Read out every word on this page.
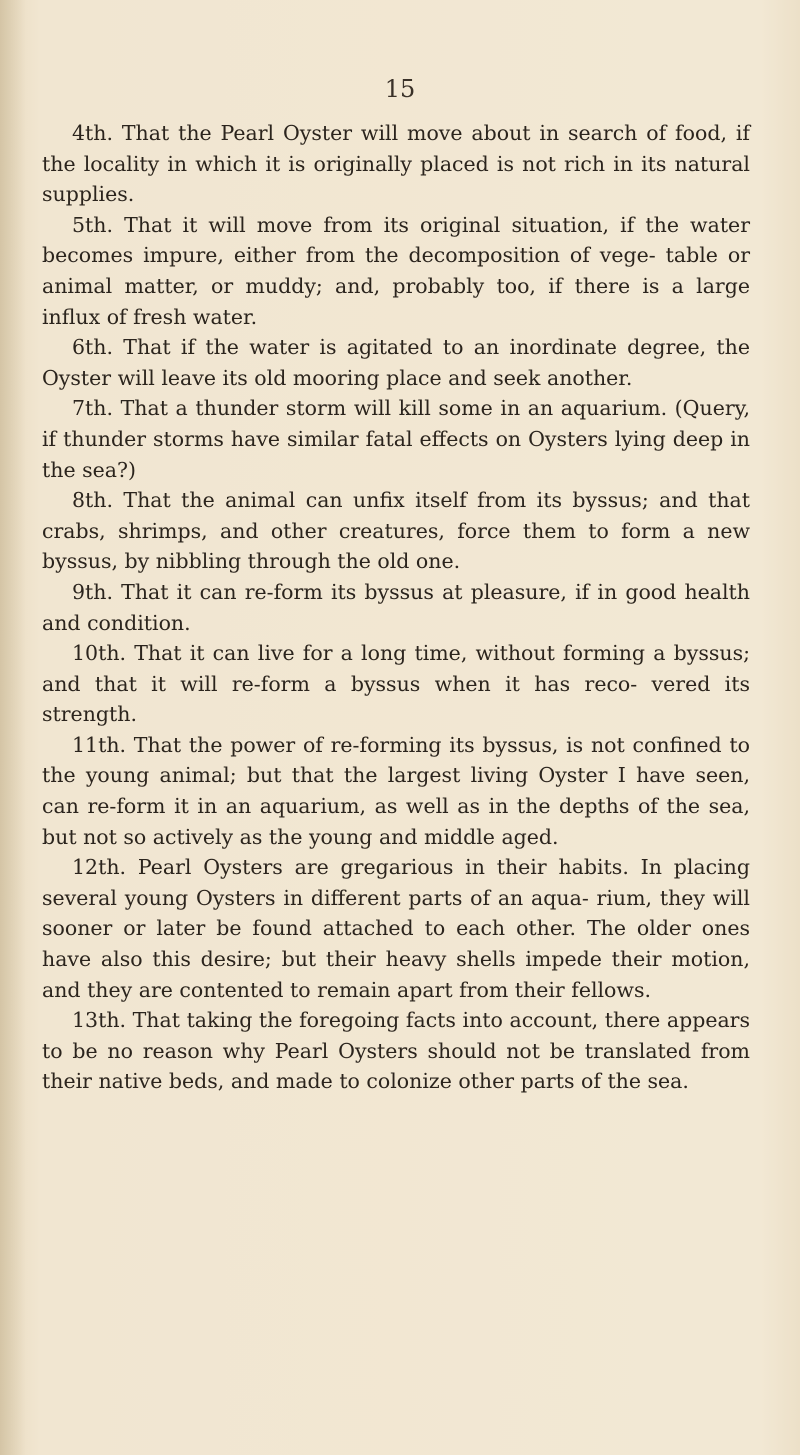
15

4th. That the Pearl Oyster will move about in search of food, if the locality in which it is originally placed is not rich in its natural supplies.

5th. That it will move from its original situation, if the water becomes impure, either from the decomposition of vege- table or animal matter, or muddy; and, probably too, if there is a large influx of fresh water.

6th. That if the water is agitated to an inordinate degree, the Oyster will leave its old mooring place and seek another.

7th. That a thunder storm will kill some in an aquarium. (Query, if thunder storms have similar fatal effects on Oysters lying deep in the sea?)

8th. That the animal can unfix itself from its byssus; and that crabs, shrimps, and other creatures, force them to form a new byssus, by nibbling through the old one.

9th. That it can re-form its byssus at pleasure, if in good health and condition.

10th. That it can live for a long time, without forming a byssus; and that it will re-form a byssus when it has reco- vered its strength.

11th. That the power of re-forming its byssus, is not confined to the young animal; but that the largest living Oyster I have seen, can re-form it in an aquarium, as well as in the depths of the sea, but not so actively as the young and middle aged.

12th. Pearl Oysters are gregarious in their habits. In placing several young Oysters in different parts of an aqua- rium, they will sooner or later be found attached to each other. The older ones have also this desire; but their heavy shells impede their motion, and they are contented to remain apart from their fellows.

13th. That taking the foregoing facts into account, there appears to be no reason why Pearl Oysters should not be translated from their native beds, and made to colonize other parts of the sea.
